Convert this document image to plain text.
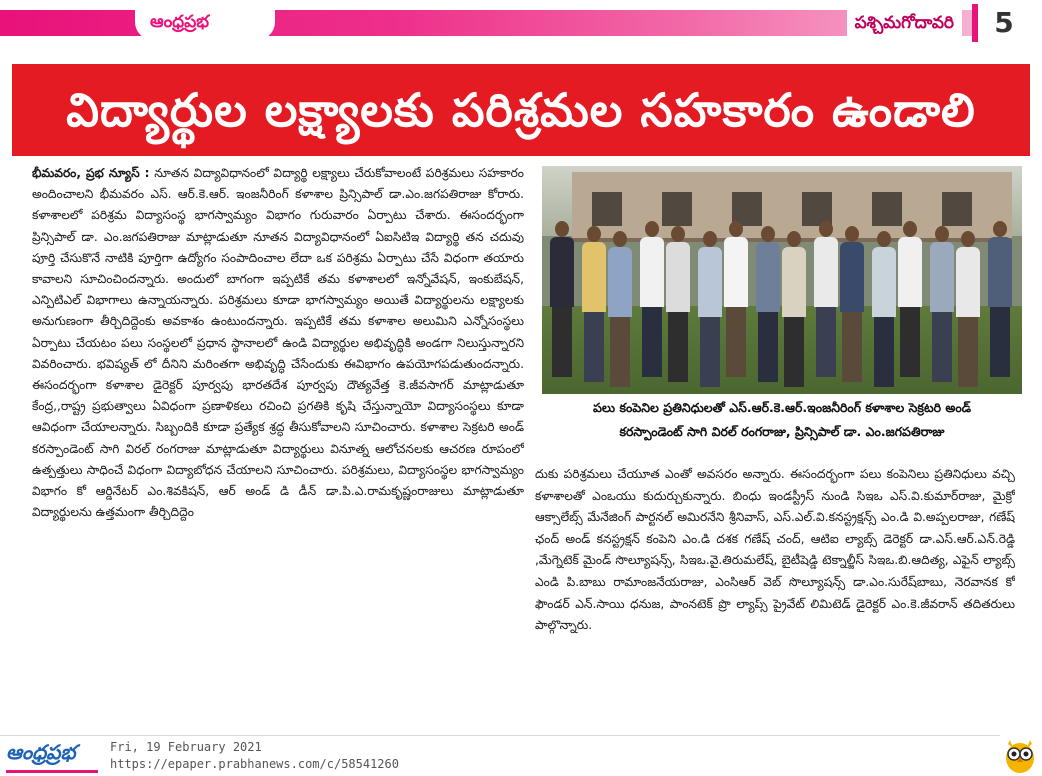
ఆంధ్రప్రభ	పశ్చిమగోదావరి	5
విద్యార్థుల లక్ష్యాలకు పరిశ్రమల సహకారం ఉండాలి
భీమవరం, ప్రభ న్యూస్ : నూతన విద్యావిధానంలో విద్యార్థి లక్ష్యాలు చేరుకోవాలంటే పరిశ్రమలు సహకారం అందించాలని భీమవరం ఎస్. ఆర్.కె.ఆర్. ఇంజనీరింగ్ కళాశాల ప్రిన్సిపాల్ డా.ఎం.జగపతిరాజు కోరారు. కళాశాలలో పరిశ్రమ విద్యాసంస్థ భాగస్వామ్యం విభాగం గురువారం ఏర్పాటు చేశారు. ఈసందర్భంగా ప్రిన్సిపాల్ డా. ఎం.జగపతిరాజు మాట్లాడుతూ నూతన విద్యావిధానంలో ఏఐసిటిఇ విద్యార్థి తన చదువు పూర్తి చేసుకొనే నాటికి పూర్తిగా ఉద్యోగం సంపాదించాల లేదా ఒక పరిశ్రమ ఏర్పాటు చేసే విధంగా తయారు కావాలని సూచించిందన్నారు. అందులో బాగంగా ఇప్పటికే తమ కళాశాలలో ఇన్నోవేషన్, ఇంకుబేషన్, ఎన్పిటిఎల్ విభాగాలు ఉన్నాయన్నారు. పరిశ్రమలు కూడా భాగస్వామ్యం అయితే విద్యార్థులను లక్ష్యాలకు అనుగుణంగా తీర్చిదిద్దెంకు అవకాశం ఉంటుందన్నారు. ఇప్పటికే తమ కళాశాల అలుమిని ఎన్నోసంస్థలు ఏర్పాటు చేయటం పలు సంస్థలలో ప్రధాన స్థానాలలో ఉండి విద్యార్థుల అభివృద్ధికి అండగా నిలుస్తున్నారని వివరించారు. భవిష్యత్ లో దీనిని మరింతగా అభివృద్ధి చేసేందుకు ఈవిభాగం ఉపయోగపడుతుందన్నారు. ఈసందర్భంగా కళాశాల డైరెక్టర్ పూర్వపు భారతదేశ పూర్వపు దౌత్యవేత్త కె.జీవసాగర్ మాట్లాడుతూ కేంద్ర,,రాష్ట్ర ప్రభుత్వాలు ఏవిధంగా ప్రణాళికలు రచించి ప్రగతికి కృషి చేస్తున్నాయో విద్యాసంస్థలు కూడా ఆవిధంగా చేయాలన్నారు. సిబ్బందికి కూడా ప్రత్యేక శ్రద్ధ తీసుకోవాలని సూచించారు. కళాశాల సెక్రటరి అండ్ కరస్పాండెంట్ సాగి విరల్ రంగరాజు మాట్లాడుతూ విద్యార్థులు వినూత్న ఆలోచనలకు ఆచరణ రూపంలో ఉత్పత్తులు సాధించే విధంగా విద్యాబోధన చేయాలని సూచించారు. పరిశ్రమలు, విద్యాసంస్థల భాగస్వామ్యం విభాగం కో ఆర్డినేటర్ ఎం.శివకిషన్, ఆర్ అండ్ డి డీన్ డా.పి.ఎ.రామకృష్ణంరాజులు మాట్లాడుతూ విద్యార్థులను ఉత్తమంగా తీర్చిదిద్దెం
పలు కంపెనిల ప్రతినిధులతో ఎస్.ఆర్.కె.ఆర్.ఇంజనీరింగ్ కళాశాల సెక్రటరి అండ్
కరస్పాండెంట్ సాగి విరల్ రంగరాజు, ప్రిన్సిపాల్ డా. ఎం.జగపతిరాజు
దుకు పరిశ్రమలు చేయూత ఎంతో అవసరం అన్నారు. ఈసందర్భంగా పలు కంపెనిలు ప్రతినిధులు వచ్చి కళాశాలతో ఎంఒయు కుదుర్చుకున్నారు. బింధు ఇండస్ట్రీస్ నుండి సిఇఒ ఎస్.వి.కుమార్‌రాజు, మైక్రో ఆక్సాలేబ్స్ మేనేజింగ్ పార్టనల్ అమిరనేని శ్రీనివాస్, ఎస్.ఎల్.వి.కనస్ట్రక్షన్స్ ఎం.డి వి.అప్పలరాజు, గణేష్ ఛంద్ అండ్ కనస్ట్రక్షన్ కంపెని ఎం.డి దశక గణేష్ చంద్, ఆటిఐ ల్యాబ్స్ డెరెక్టర్ డా.ఎస్.ఆర్.ఎన్.రెడ్డి ,మేగ్నెటెక్ మైండ్ సొల్యూషన్స్, సిఇఒ.వై.తిరుమలేష్, బైటీషెడ్డి టెక్నాల్జీస్ సిఇఒ.బి.ఆదిత్య, ఎఫైన్ ల్యాబ్స్ ఎండి పి.బాబు రామాంజనేయరాజు, ఎంసిఆర్ వెబ్ సొల్యూషన్స్ డా.ఎం.సురేష్‌బాబు, నెరవానక కో ఫౌండర్ ఎన్.సాయి ధనుజ, పాంనటెక్ ప్రొ ల్యాప్స్ ప్రైవేట్ లిమిటెడ్ డైరెక్టర్ ఎం.కె.జీవరాన్ తదితరులు పాల్గొన్నారు.
ఆంధ్రప్రభ	Fri, 19 February 2021
https://epaper.prabhanews.com/c/58541260
